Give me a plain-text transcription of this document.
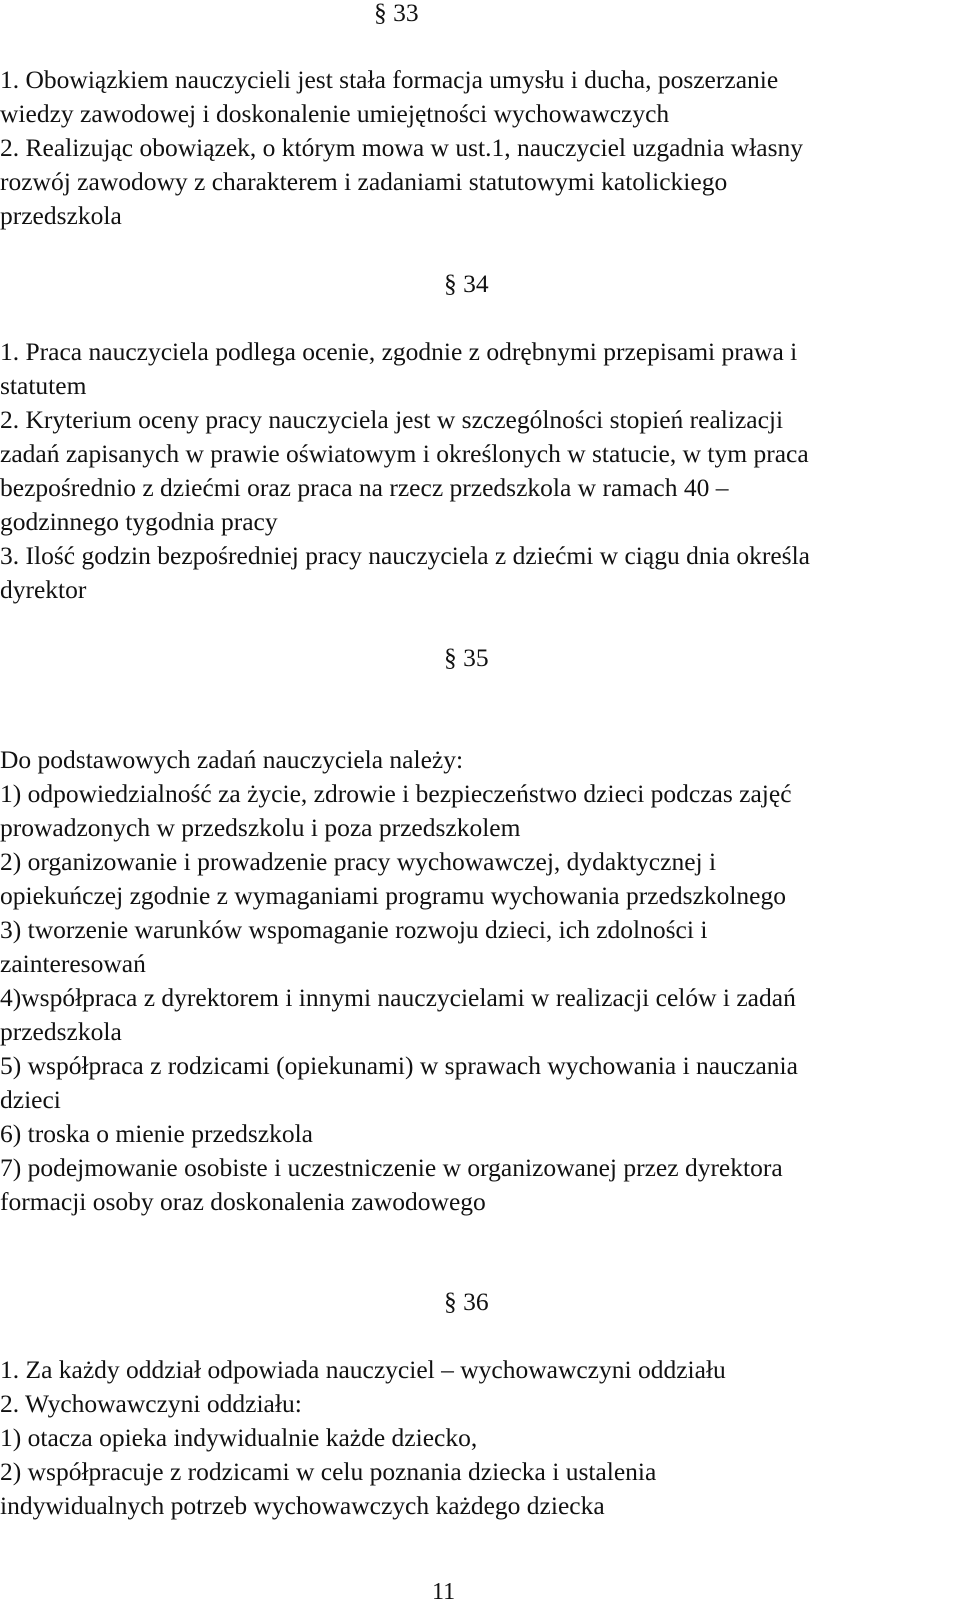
§ 33
1. Obowiązkiem nauczycieli jest stała formacja umysłu i ducha, poszerzanie
wiedzy zawodowej i doskonalenie umiejętności wychowawczych
2. Realizując obowiązek, o którym mowa w ust.1, nauczyciel uzgadnia własny
rozwój zawodowy z charakterem i zadaniami statutowymi katolickiego
przedszkola
§ 34
1. Praca nauczyciela podlega ocenie, zgodnie z odrębnymi przepisami prawa i
statutem
2. Kryterium oceny pracy nauczyciela jest w szczególności stopień realizacji
zadań zapisanych w prawie oświatowym i określonych w statucie, w tym praca
bezpośrednio z dziećmi oraz praca na rzecz przedszkola w ramach 40 –
godzinnego tygodnia pracy
3. Ilość godzin bezpośredniej pracy nauczyciela z dziećmi w ciągu dnia określa
dyrektor
§ 35
Do podstawowych zadań nauczyciela należy:
1) odpowiedzialność za życie, zdrowie i bezpieczeństwo dzieci podczas zajęć
prowadzonych w przedszkolu i poza przedszkolem
2) organizowanie i prowadzenie pracy wychowawczej, dydaktycznej i
opiekuńczej zgodnie z wymaganiami programu wychowania przedszkolnego
3) tworzenie warunków wspomaganie rozwoju dzieci, ich zdolności i
zainteresowań
4)współpraca z dyrektorem i innymi nauczycielami w realizacji celów i zadań
przedszkola
5) współpraca z rodzicami (opiekunami) w sprawach wychowania i nauczania
dzieci
6) troska o mienie przedszkola
7) podejmowanie osobiste i uczestniczenie w organizowanej przez dyrektora
formacji osoby oraz doskonalenia zawodowego
§ 36
1. Za każdy oddział odpowiada nauczyciel – wychowawczyni oddziału
2. Wychowawczyni oddziału:
1) otacza opieka indywidualnie każde dziecko,
2) współpracuje z rodzicami w celu poznania dziecka i ustalenia
indywidualnych potrzeb wychowawczych każdego dziecka
11
